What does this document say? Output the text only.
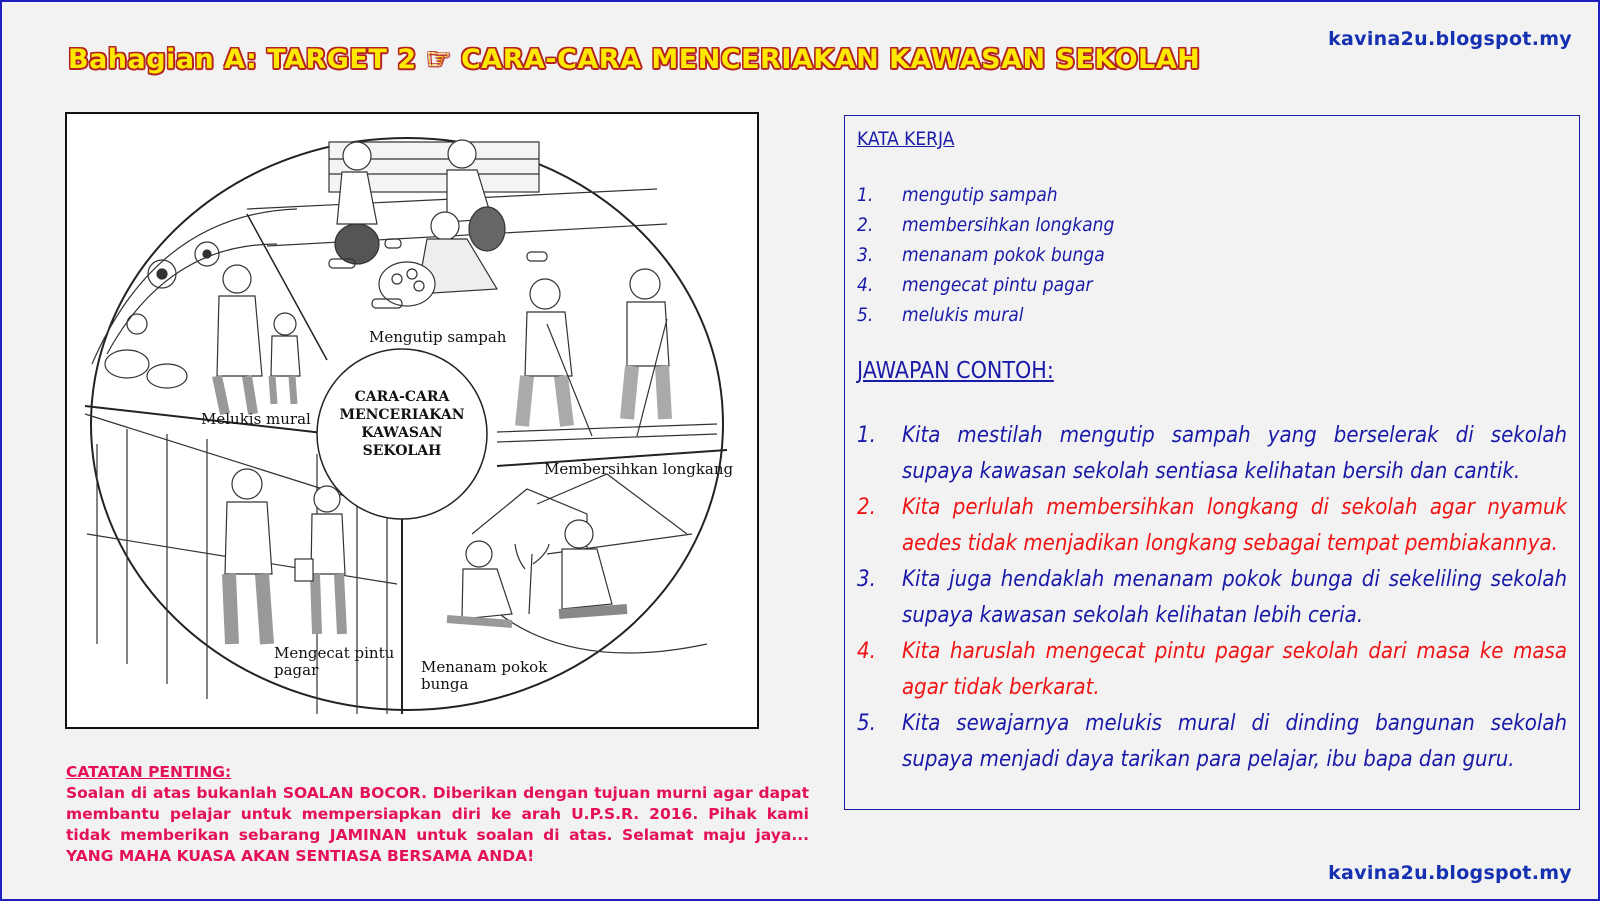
kavina2u.blogspot.my
Bahagian A: TARGET 2 ☞ CARA-CARA MENCERIAKAN KAWASAN SEKOLAH
CARA-CARA
MENCERIAKAN
KAWASAN
SEKOLAH
Mengutip sampah
Melukis mural
Membersihkan longkang
Mengecat pintu
pagar	Menanam pokok
bunga
KATA KERJA
1.	mengutip sampah
2.	membersihkan longkang
3.	menanam pokok bunga
4.	mengecat pintu pagar
5.	melukis mural
JAWAPAN CONTOH:
1.	Kita mestilah mengutip sampah yang berselerak di sekolah supaya kawasan sekolah sentiasa kelihatan bersih dan cantik.
2.	Kita perlulah membersihkan longkang di sekolah agar nyamuk aedes tidak menjadikan longkang sebagai tempat pembiakannya.
3.	Kita juga hendaklah menanam pokok bunga di sekeliling sekolah supaya kawasan sekolah kelihatan lebih ceria.
4.	Kita haruslah mengecat pintu pagar sekolah dari masa ke masa agar tidak berkarat.
5.	Kita sewajarnya melukis mural di dinding bangunan sekolah supaya menjadi daya tarikan para pelajar, ibu bapa dan guru.
CATATAN PENTING:
Soalan di atas bukanlah SOALAN BOCOR. Diberikan dengan tujuan murni agar dapat membantu pelajar untuk mempersiapkan diri ke arah U.P.S.R. 2016. Pihak kami tidak memberikan sebarang JAMINAN untuk soalan di atas. Selamat maju jaya... YANG MAHA KUASA AKAN SENTIASA BERSAMA ANDA!
kavina2u.blogspot.my
